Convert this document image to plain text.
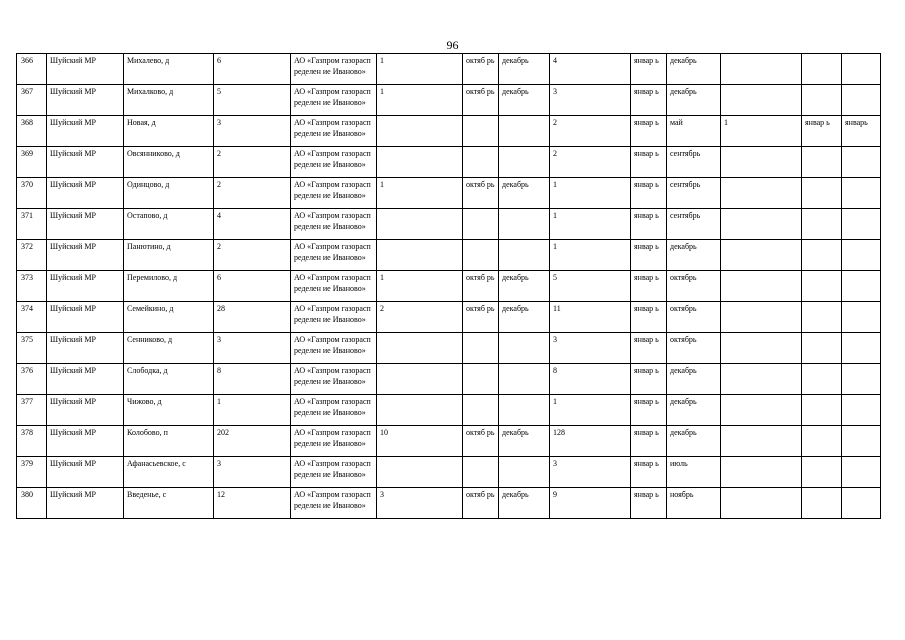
96
366	Шуйский МР	Михалево, д	6	АО «Газпром газораспределен ие Иваново»	1	октяб рь	декабрь	4	январ ь	декабрь			
367	Шуйский МР	Михалково, д	5	АО «Газпром газораспределен ие Иваново»	1	октяб рь	декабрь	3	январ ь	декабрь			
368	Шуйский МР	Новая, д	3	АО «Газпром газораспределен ие Иваново»				2	январ ь	май	1	январ ь	январь
369	Шуйский МР	Овсянниково, д	2	АО «Газпром газораспределен ие Иваново»				2	январ ь	сентябрь			
370	Шуйский МР	Одинцово, д	2	АО «Газпром газораспределен ие Иваново»	1	октяб рь	декабрь	1	январ ь	сентябрь			
371	Шуйский МР	Остапово, д	4	АО «Газпром газораспределен ие Иваново»				1	январ ь	сентябрь			
372	Шуйский МР	Панютино, д	2	АО «Газпром газораспределен ие Иваново»				1	январ ь	декабрь			
373	Шуйский МР	Перемилово, д	6	АО «Газпром газораспределен ие Иваново»	1	октяб рь	декабрь	5	январ ь	октябрь			
374	Шуйский МР	Семейкино, д	28	АО «Газпром газораспределен ие Иваново»	2	октяб рь	декабрь	11	январ ь	октябрь			
375	Шуйский МР	Сенниково, д	3	АО «Газпром газораспределен ие Иваново»				3	январ ь	октябрь			
376	Шуйский МР	Слободка, д	8	АО «Газпром газораспределен ие Иваново»				8	январ ь	декабрь			
377	Шуйский МР	Чижово, д	1	АО «Газпром газораспределен ие Иваново»				1	январ ь	декабрь			
378	Шуйский МР	Колобово, п	202	АО «Газпром газораспределен ие Иваново»	10	октяб рь	декабрь	128	январ ь	декабрь			
379	Шуйский МР	Афанасьевское, с	3	АО «Газпром газораспределен ие Иваново»				3	январ ь	июль			
380	Шуйский МР	Введенье, с	12	АО «Газпром газораспределен ие Иваново»	3	октяб рь	декабрь	9	январ ь	ноябрь			
